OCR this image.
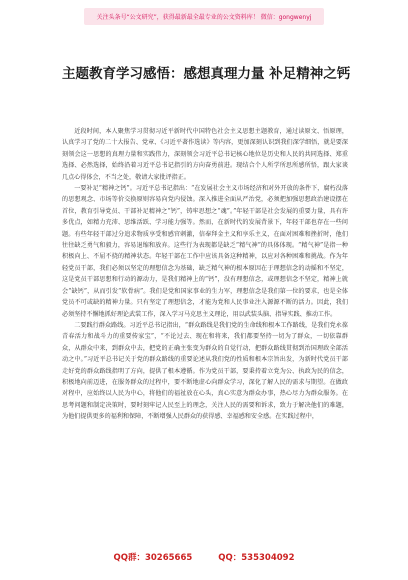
关注头条号“公文研究”，获得最新最全最专业的公文资料库！ 微信：gongwenyj
主题教育学习感悟：感想真理力量 补足精神之钙

近段时间，本人聚焦学习贯彻习近平新时代中国特色社会主义思想主题教育，通过读原文、悟原理，认真学习了党的二十大报告、党章、《习近平著作选读》等内容，更加深刻认识到我们深学细悟，就是要深刻领会这一思想的真理力量和实践伟力，深刻领会习近平总书记核心地位是历史和人民的共同选择、郑重选择、必然选择，始终沿着习近平总书记指引的方向奋勇前进。现结合个人所学所思所感所悟，跟大家谈几点心得体会，不当之处，敬请大家批评指正。

一要补足“精神之钙”。习近平总书记指出：“在发展社会主义市场经济和对外开放的条件下，腐朽没落的思想观念、市场等价交换原则容易向党内侵蚀。深入推进全面从严治党，必须把加强思想政治建设摆在首位，教育引导党员、干部补足精神之“钙”，铸牢思想之“魂”。”年轻干部是社会发展的重要力量，具有许多优点，如精力充沛、思维活跃、学习能力强等。然而，在新时代的发展背景下，年轻干部也存在一些问题。有些年轻干部过分追求物质享受和感官刺激，信奉拜金主义和享乐主义，在面对困难和挫折时，他们往往缺乏勇气和毅力，容易退缩和放弃。这些行为表现都是缺乏“精气神”的具体体现。“精气神”是指一种积极向上、不屈不挠的精神状态。年轻干部在工作中应该具备这种精神，以应对各种困难和挑战。作为年轻党员干部，我们必须以坚定的理想信念为基础，缺乏精气神的根本原因在于理想信念的动摇和不坚定，这是党员干部思想和行动的源动力，是我们精神上的“钙”，没有理想信念，或理想信念不坚定，精神上就会“缺钙”，从而引发“软骨病”。我们是党和国家事业的生力军，理想信念是我们第一位的要求，也是全体党员不可或缺的精神力量。只有坚定了理想信念，才能为党和人民事业注入源源不断的活力。因此，我们必须坚持不懈地抓好理论武装工作，深入学习马克思主义理论，用以武装头脑、指导实践、推动工作。

二要践行群众路线。习近平总书记指出，“群众路线是我们党的生命线和根本工作路线，是我们党永葆青春活力和战斗力的重要传家宝”，“不论过去、现在和将来，我们都要坚持一切为了群众，一切依靠群众，从群众中来，到群众中去，把党的正确主张变为群众的自觉行动，把群众路线贯彻到治国理政全部活动之中。”习近平总书记关于党的群众路线的重要论述从我们党的性质和根本宗旨出发，为新时代党员干部走好党的群众路线指明了方向，提供了根本遵循。作为党员干部，要秉持着立党为公、执政为民的信念，积极地向前迈进，在服务群众的过程中，要不断地虚心向群众学习，深化了解人民的需求与期望。在做政对程中，应始终以人民为中心，将他们的福祉放在心头，真心实意为群众办事，热心尽力为群众服务。在思考问题和制定决策时，要时刻牢记人民至上的理念，关注人民的需要和诉求，致力于解决他们的难题，为他们提供更多的福利和保障，不断增强人民群众的获得感、幸福感和安全感。在实践过程中，

QQ群：30265665	QQ：535304092
